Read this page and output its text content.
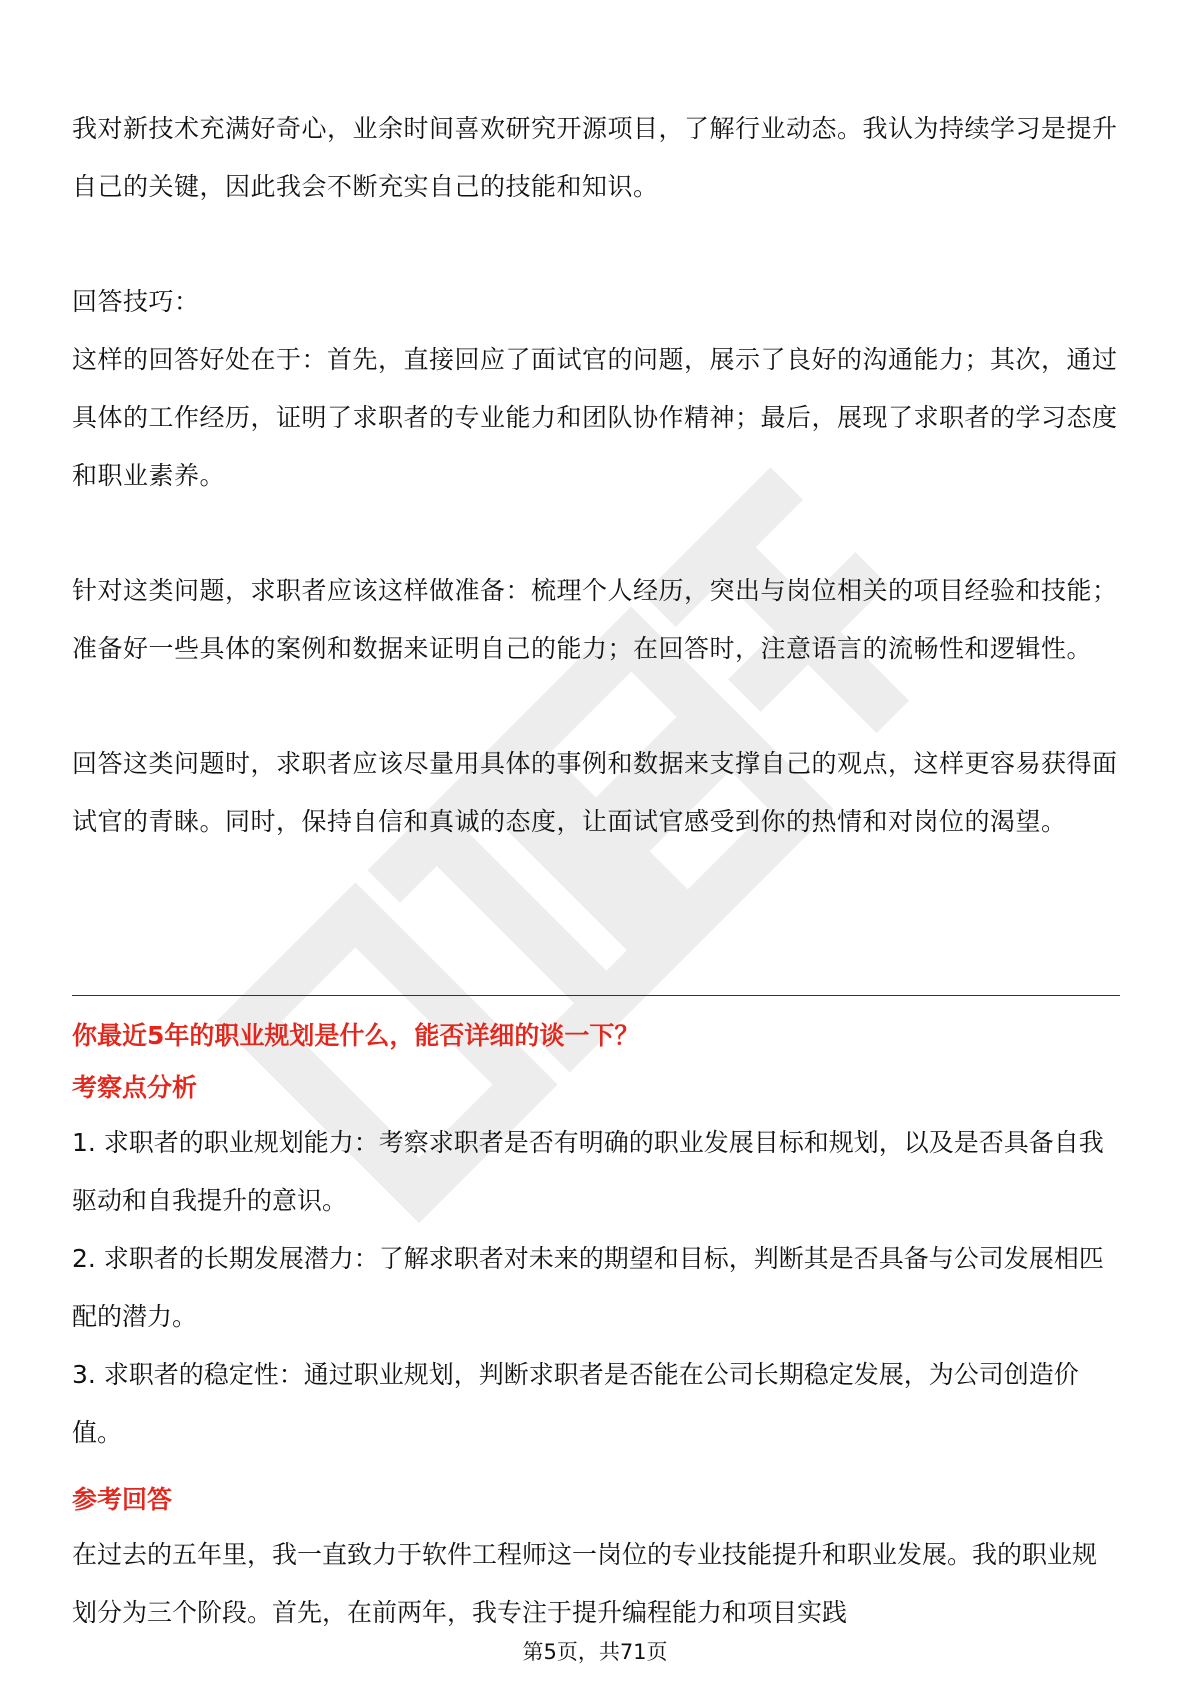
我对新技术充满好奇心，业余时间喜欢研究开源项目，了解行业动态。我认为持续学习是提升自己的关键，因此我会不断充实自己的技能和知识。

回答技巧：

这样的回答好处在于：首先，直接回应了面试官的问题，展示了良好的沟通能力；其次，通过具体的工作经历，证明了求职者的专业能力和团队协作精神；最后，展现了求职者的学习态度和职业素养。

针对这类问题，求职者应该这样做准备：梳理个人经历，突出与岗位相关的项目经验和技能；准备好一些具体的案例和数据来证明自己的能力；在回答时，注意语言的流畅性和逻辑性。

回答这类问题时，求职者应该尽量用具体的事例和数据来支撑自己的观点，这样更容易获得面试官的青睐。同时，保持自信和真诚的态度，让面试官感受到你的热情和对岗位的渴望。

你最近5年的职业规划是什么，能否详细的谈一下？

考察点分析

1. 求职者的职业规划能力：考察求职者是否有明确的职业发展目标和规划，以及是否具备自我驱动和自我提升的意识。

2. 求职者的长期发展潜力：了解求职者对未来的期望和目标，判断其是否具备与公司发展相匹配的潜力。

3. 求职者的稳定性：通过职业规划，判断求职者是否能在公司长期稳定发展，为公司创造价值。

参考回答

在过去的五年里，我一直致力于软件工程师这一岗位的专业技能提升和职业发展。我的职业规划分为三个阶段。首先，在前两年，我专注于提升编程能力和项目实践

第5页，共71页
